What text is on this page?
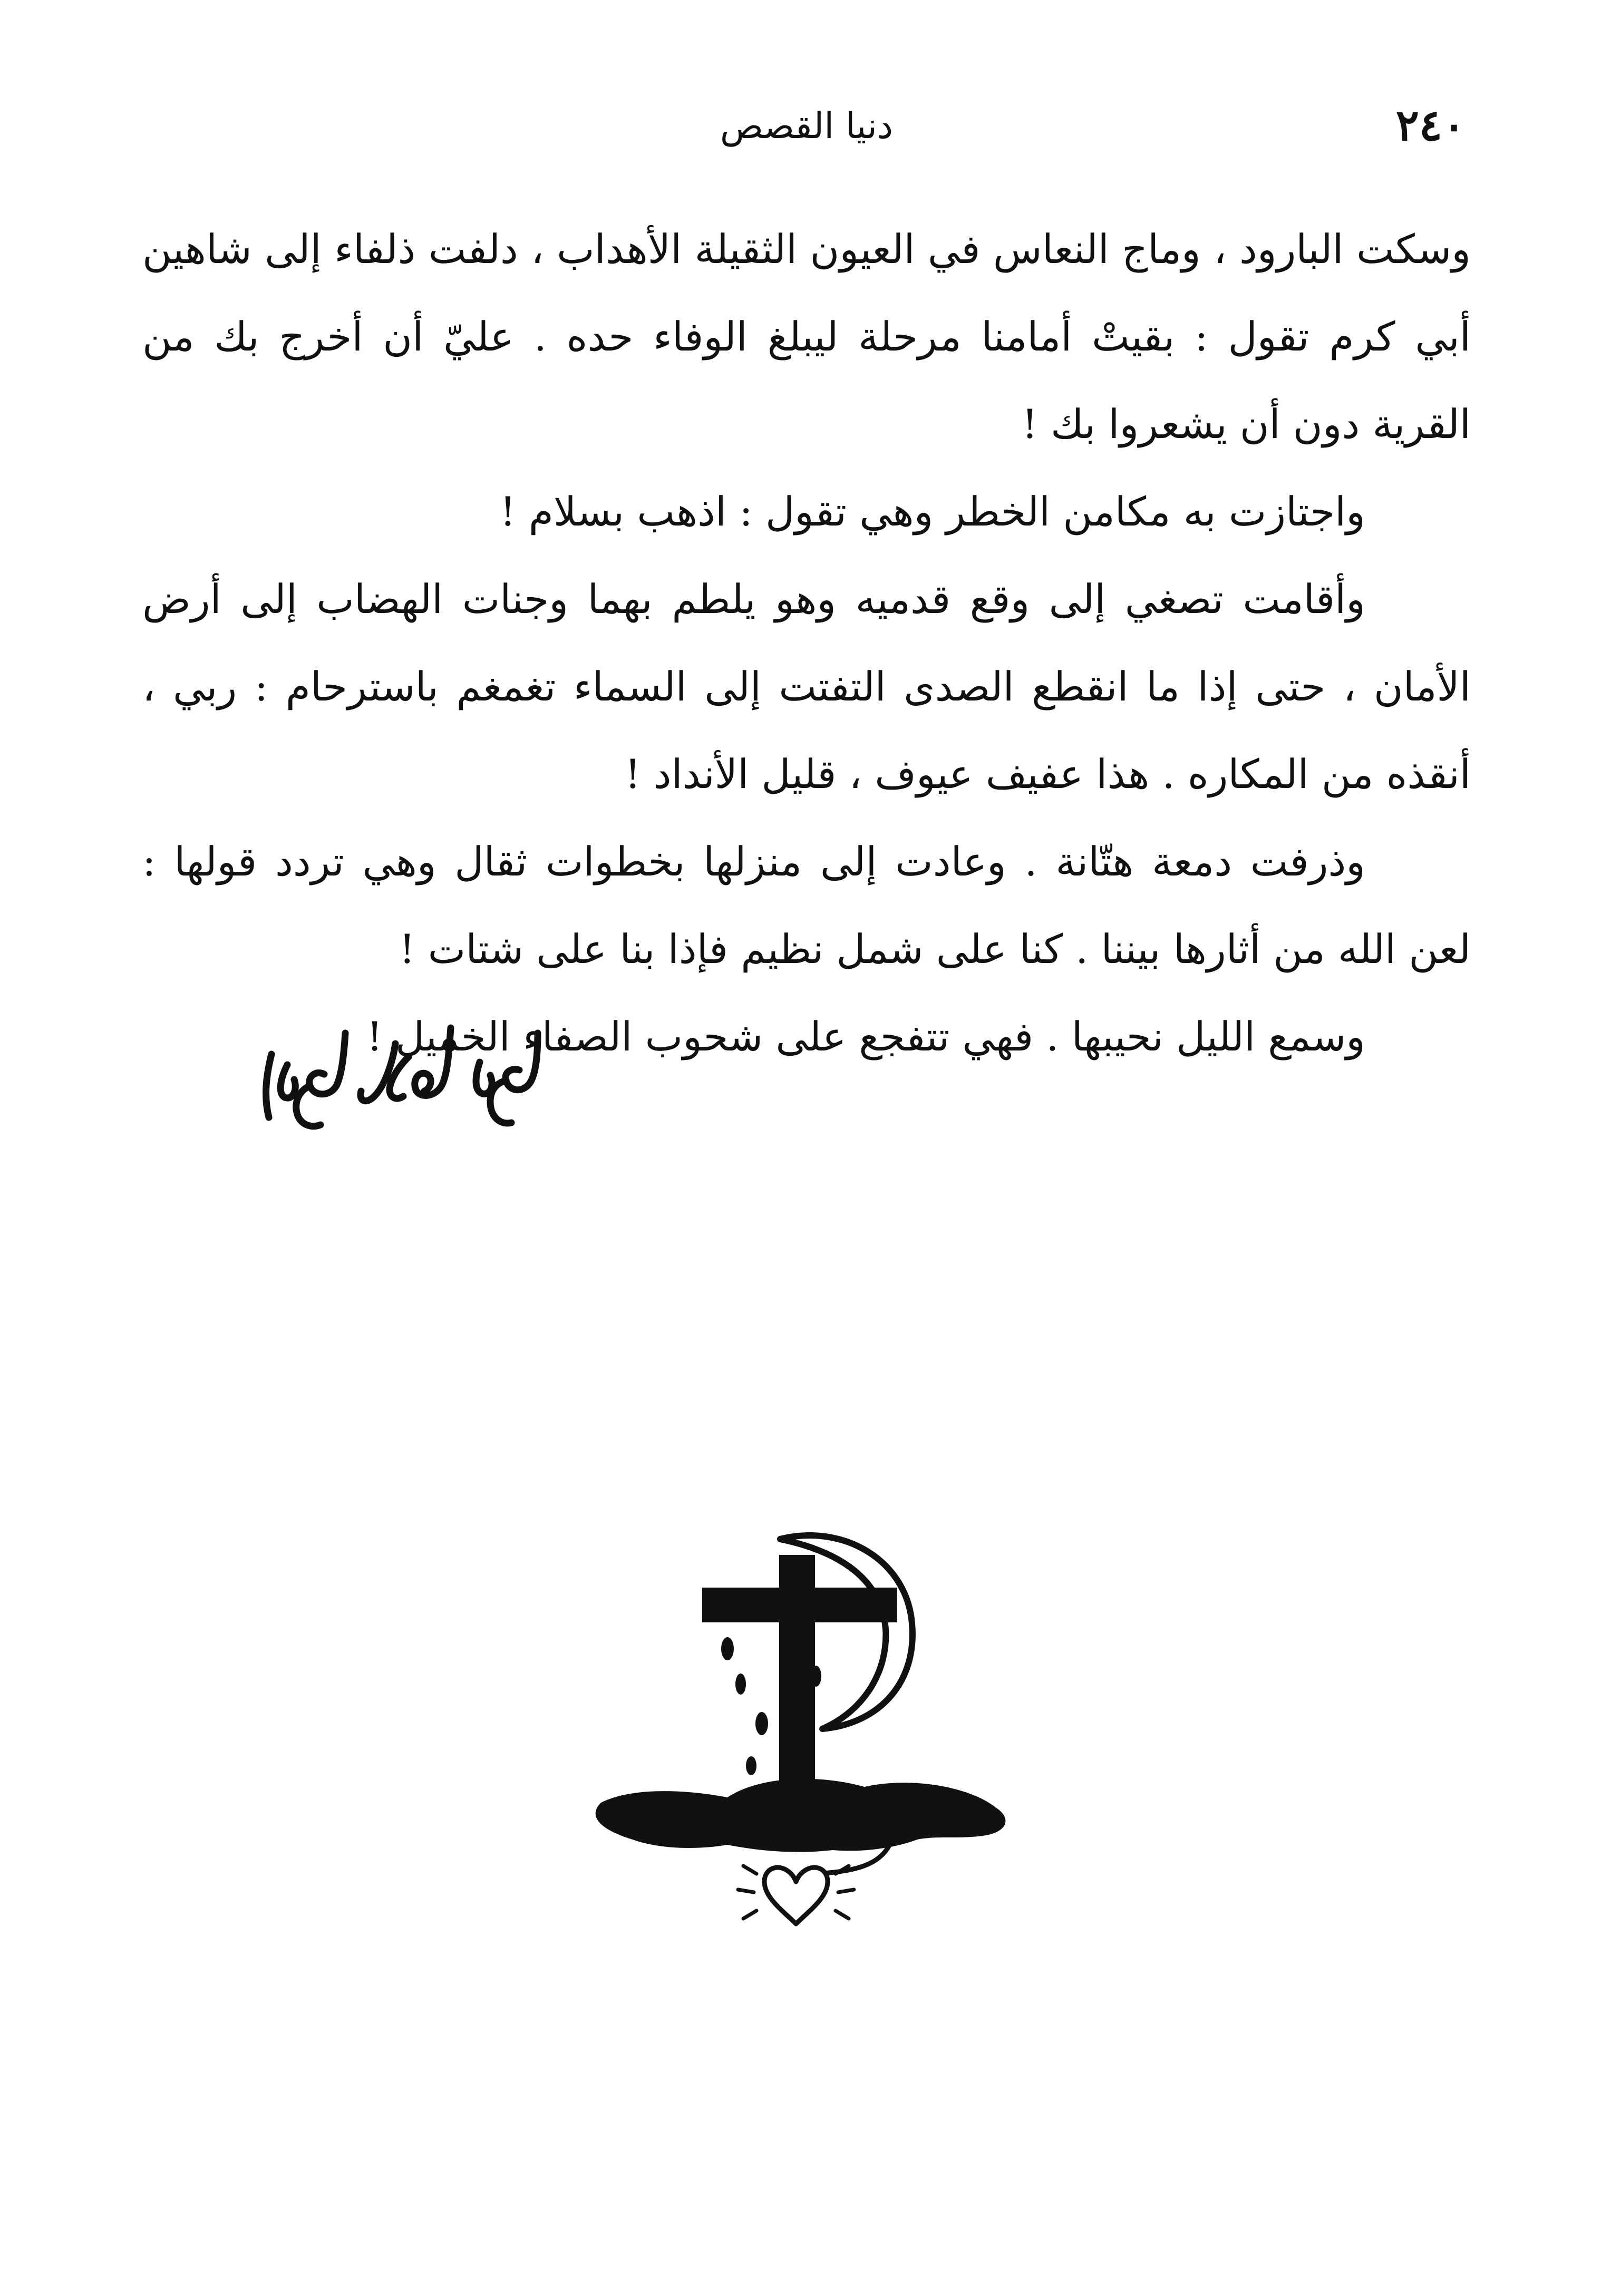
٢٤٠
دنيا القصص

وسكت البارود ، وماج النعاس في العيون الثقيلة الأهداب ، دلفت ذلفاء إلى شاهين أبي كرم تقول : بقيتْ أمامنا مرحلة ليبلغ الوفاء حده . عليّ أن أخرج بك من القرية دون أن يشعروا بك !

واجتازت به مكامن الخطر وهي تقول : اذهب بسلام !

وأقامت تصغي إلى وقع قدميه وهو يلطم بهما وجنات الهضاب إلى أرض الأمان ، حتى إذا ما انقطع الصدى التفتت إلى السماء تغمغم باسترحام : ربي ، أنقذه من المكاره . هذا عفيف عيوف ، قليل الأنداد !

وذرفت دمعة هتّانة . وعادت إلى منزلها بخطوات ثقال وهي تردد قولها : لعن الله من أثارها بيننا . كنا على شمل نظيم فإذا بنا على شتات !

وسمع الليل نحيبها . فهي تتفجع على شحوب الصفاء الخميل !
